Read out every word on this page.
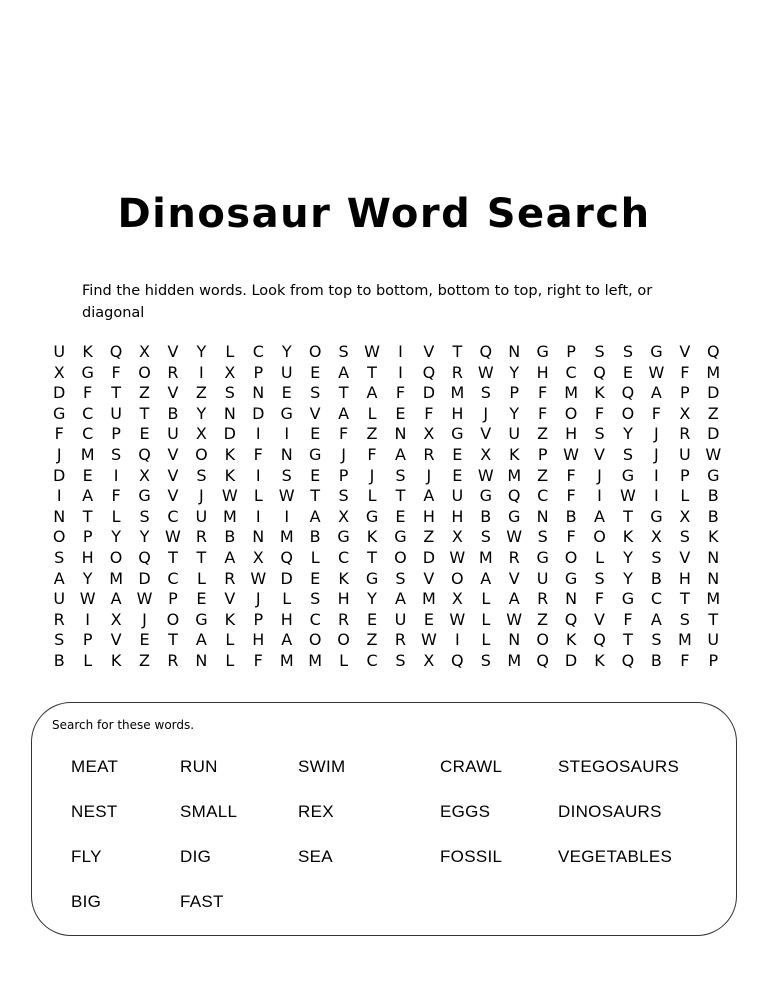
Dinosaur Word Search
Find the hidden words. Look from top to bottom, bottom to top, right to left, or diagonal
U	K	Q	X	V	Y	L	C	Y	O	S W	I	V	T	Q	N	G	P	S	S	G	V	Q
X	G	F	O	R	I	X	P	U	E	A	T	I	Q	R W Y	H	C	Q	E W F	M
D	F	T	Z	V	Z	S	N	E	S	T	A	F	D M	S	P	F	M	K	Q	A	P	D
G	C	U	T	B	Y	N	D	G	V	A	L	E	F	H	J	Y	F	O	F	O	F	X	Z
F	C	P	E	U	X	D	I	I	E	F	Z	N	X	G	V	U	Z	H	S	Y	J	R	D
J	M	S	Q	V	O	K	F	N	G	J	F	A	R	E	X	K	P W V	S	J	U W
D	E	I	X	V	S	K	I	S	E	P	J	S	J	E W M	Z	F	J	G	I	P	G
I	A	F	G	V	J	W	L	W T	S	L	T	A	U	G Q	C	F	I	W	I	L	B
N	T	L	S	C	U M	I	I	A	X	G	E	H	H	B	G	N	B	A	T	G	X	B
O	P	Y	Y W R	B	N M	B	G	K	G	Z	X	S W S	F	O	K	X	S	K
S	H	O Q	T	T	A	X	Q	L	C	T	O D W M R	G O	L	Y	S	V	N
A	Y	M D	C	L	R W D	E	K	G	S	V	O	A	V	U	G	S	Y	B	H	N
U W A W P	E	V	J	L	S	H	Y	A	M	X	L	A	R	N	F	G	C	T	M
R	I	X	J	O G	K	P	H	C	R	E	U	E W	L	W Z	Q	V	F	A	S	T
S	P	V	E	T	A	L	H	A	O O	Z	R W	I	L	N	O	K	Q	T	S	M U
B	L	K	Z	R	N	L	F	M M	L	C	S	X	Q	S	M Q D	K	Q	B	F	P
Search for these words.
MEAT	RUN	SWIM	CRAWL	STEGOSAURS
NEST	SMALL	REX	EGGS	DINOSAURS
FLY	DIG	SEA	FOSSIL	VEGETABLES
BIG	FAST
